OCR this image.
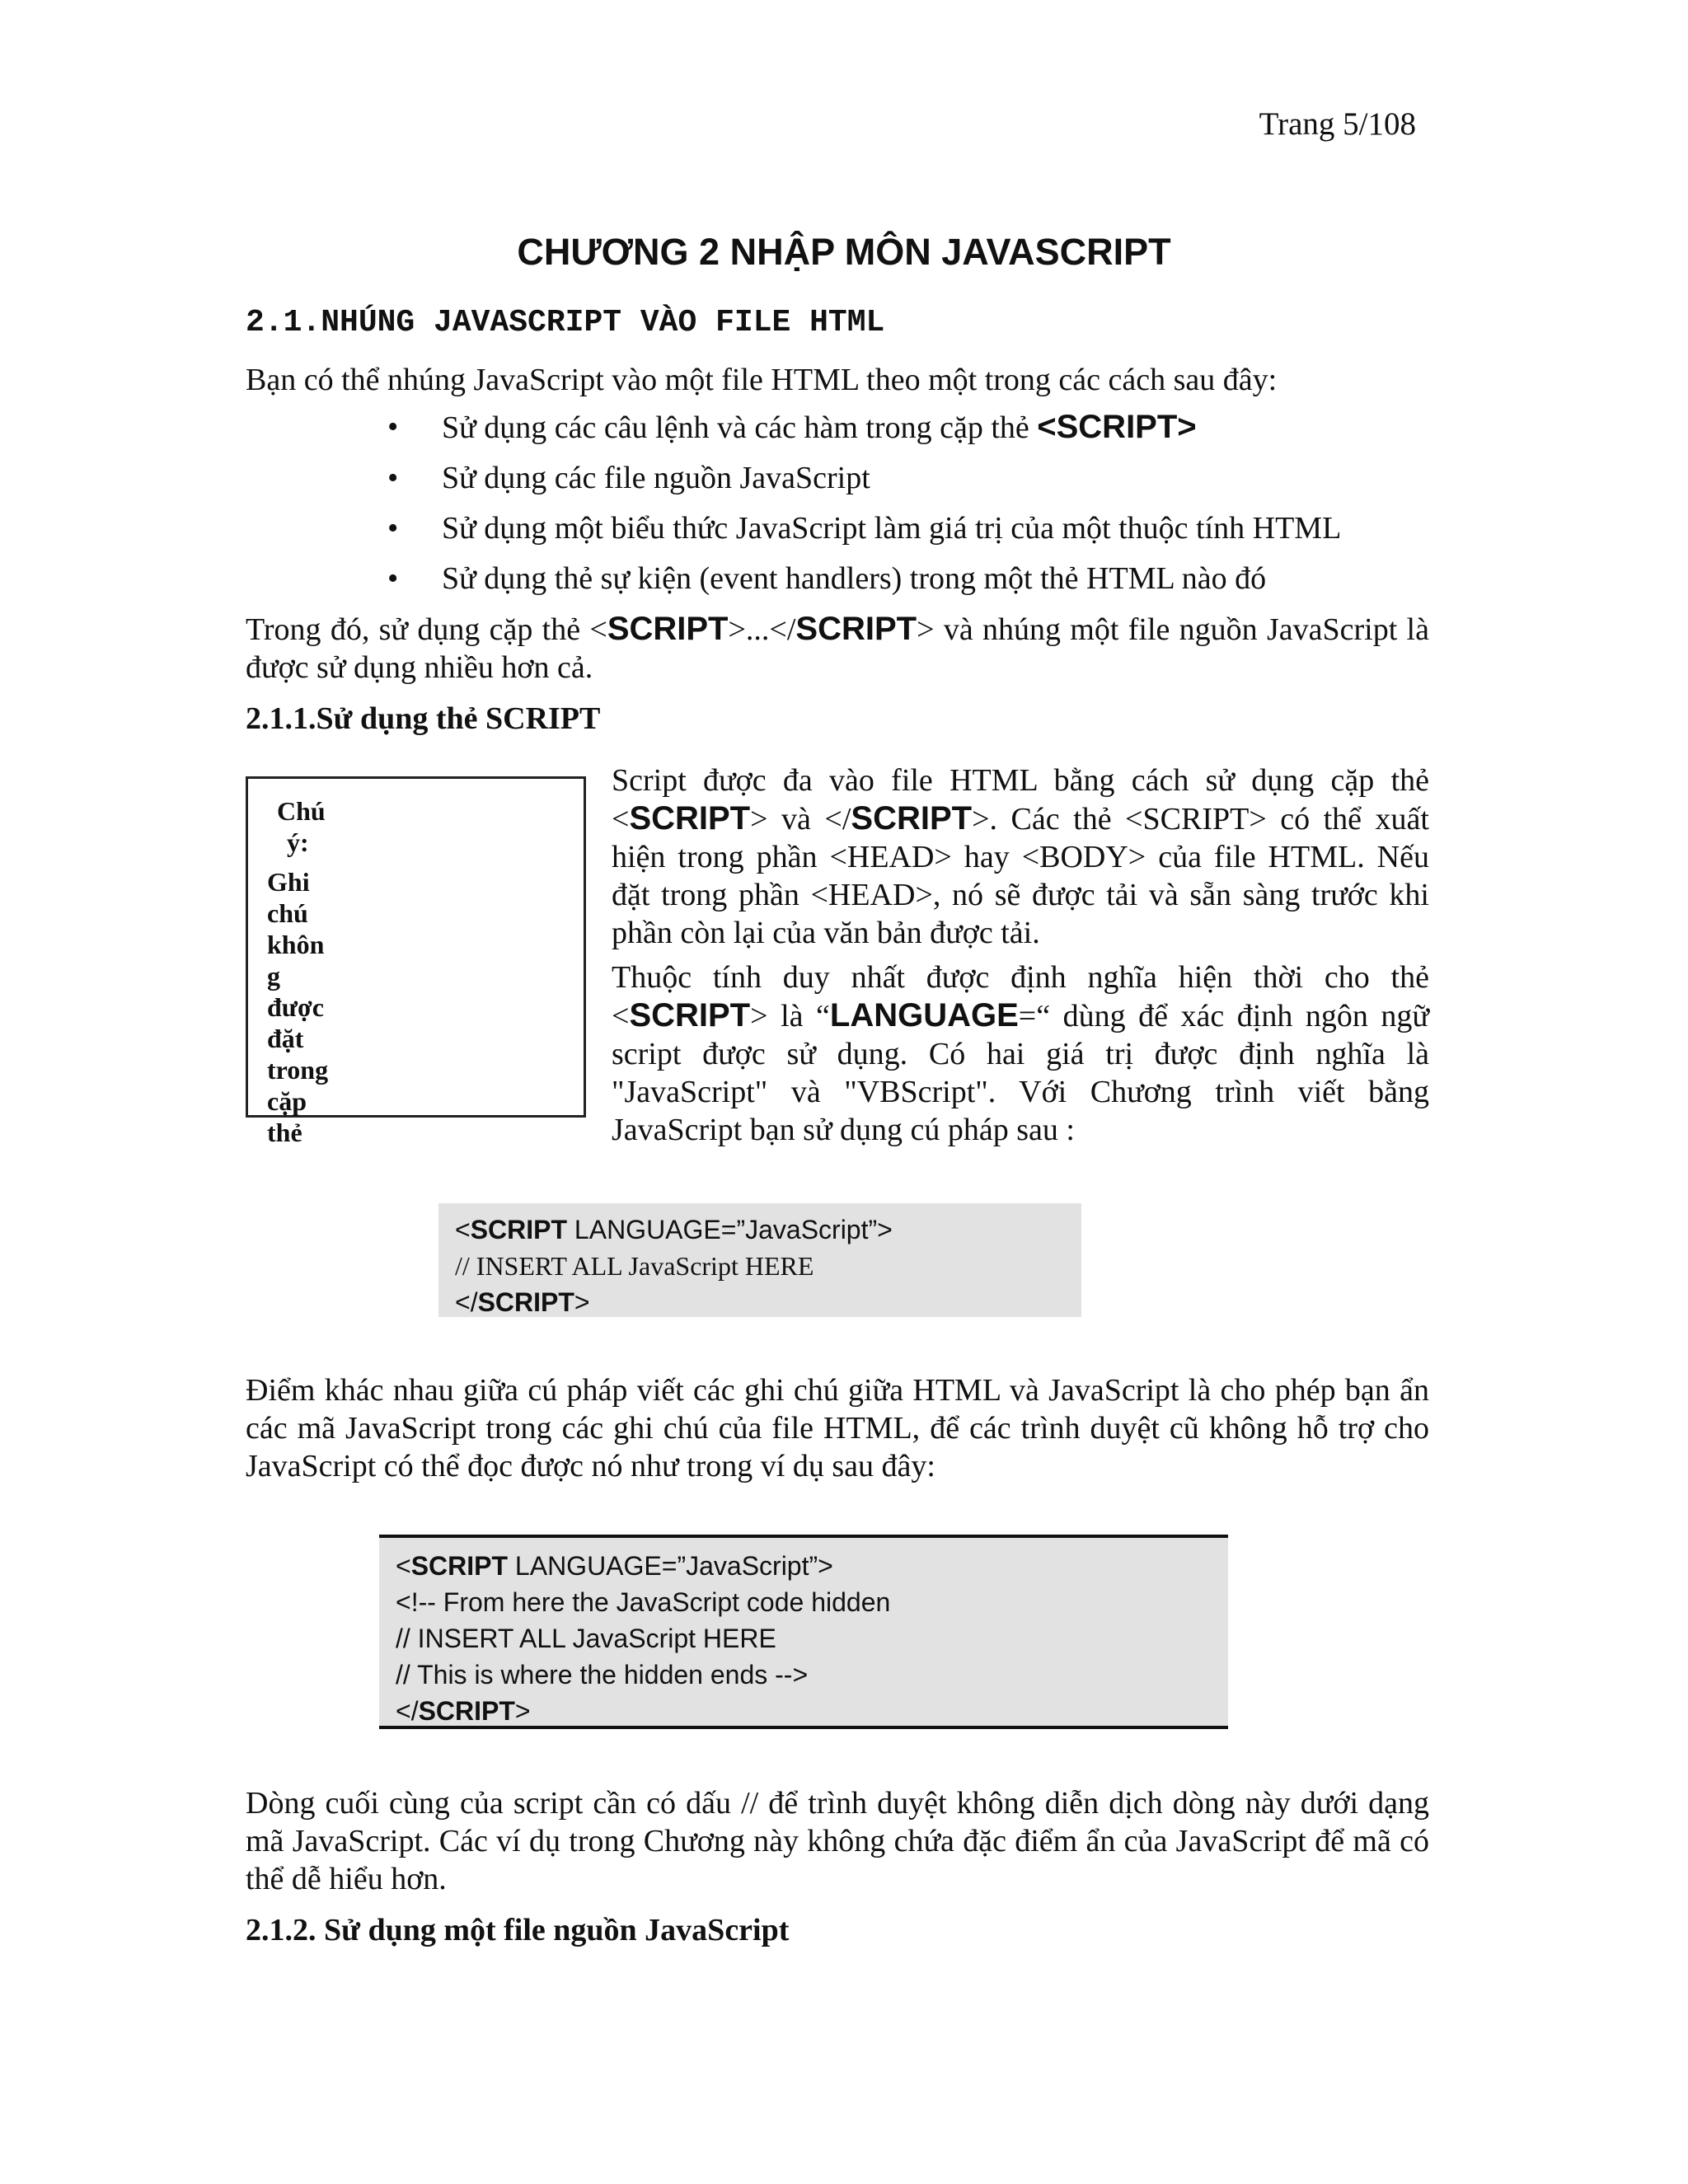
Trang 5/108
CHƯƠNG 2 NHẬP MÔN JAVASCRIPT
2.1.NHÚNG JAVASCRIPT VÀO FILE HTML
Bạn có thể nhúng JavaScript vào một file HTML theo một trong các cách sau đây:
• Sử dụng các câu lệnh và các hàm trong cặp thẻ <SCRIPT>
• Sử dụng các file nguồn JavaScript
• Sử dụng một biểu thức JavaScript làm giá trị của một thuộc tính HTML
• Sử dụng thẻ sự kiện (event handlers) trong một thẻ HTML nào đó
Trong đó, sử dụng cặp thẻ <SCRIPT>...</SCRIPT> và nhúng một file nguồn JavaScript là được sử dụng nhiều hơn cả.
2.1.1.Sử dụng thẻ SCRIPT
Chú
ý:
Ghi
chú
khôn
g
được
đặt
trong
cặp
thẻ
Script được đa vào file HTML bằng cách sử dụng cặp thẻ <SCRIPT> và </SCRIPT>. Các thẻ <SCRIPT> có thể xuất hiện trong phần <HEAD> hay <BODY> của file HTML. Nếu đặt trong phần <HEAD>, nó sẽ được tải và sẵn sàng trước khi phần còn lại của văn bản được tải.
Thuộc tính duy nhất được định nghĩa hiện thời cho thẻ <SCRIPT> là “LANGUAGE=“ dùng để xác định ngôn ngữ script được sử dụng. Có hai giá trị được định nghĩa là "JavaScript" và "VBScript". Với Chương trình viết bằng JavaScript bạn sử dụng cú pháp sau :
<SCRIPT LANGUAGE=”JavaScript”>
// INSERT ALL JavaScript HERE
</SCRIPT>
Điểm khác nhau giữa cú pháp viết các ghi chú giữa HTML và JavaScript là cho phép bạn ẩn các mã JavaScript trong các ghi chú của file HTML, để các trình duyệt cũ không hỗ trợ cho JavaScript có thể đọc được nó như trong ví dụ sau đây:
<SCRIPT LANGUAGE=”JavaScript”>
<!-- From here the JavaScript code hidden
// INSERT ALL JavaScript HERE
// This is where the hidden ends -->
</SCRIPT>
Dòng cuối cùng của script cần có dấu // để trình duyệt không diễn dịch dòng này dưới dạng mã JavaScript. Các ví dụ trong Chương này không chứa đặc điểm ẩn của JavaScript để mã có thể dễ hiểu hơn.
2.1.2. Sử dụng một file nguồn JavaScript
